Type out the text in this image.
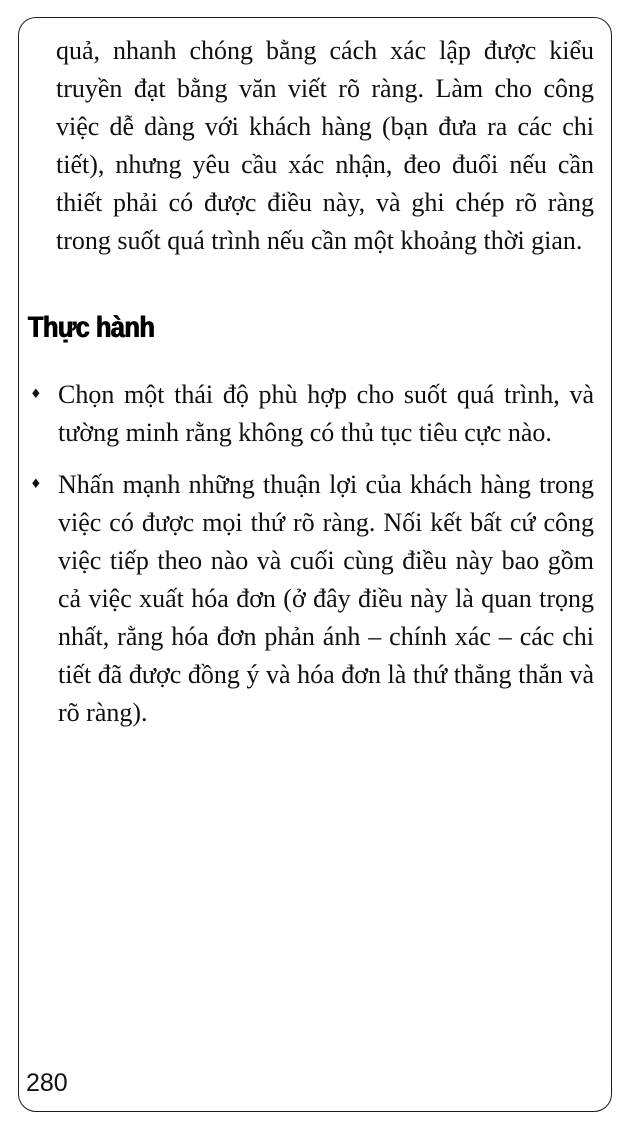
quả, nhanh chóng bằng cách xác lập được kiểu truyền đạt bằng văn viết rõ ràng. Làm cho công việc dễ dàng với khách hàng (bạn đưa ra các chi tiết), nhưng yêu cầu xác nhận, đeo đuổi nếu cần thiết phải có được điều này, và ghi chép rõ ràng trong suốt quá trình nếu cần một khoảng thời gian.

Thực hành
♦ Chọn một thái độ phù hợp cho suốt quá trình, và tường minh rằng không có thủ tục tiêu cực nào.
♦ Nhấn mạnh những thuận lợi của khách hàng trong việc có được mọi thứ rõ ràng. Nối kết bất cứ công việc tiếp theo nào và cuối cùng điều này bao gồm cả việc xuất hóa đơn (ở đây điều này là quan trọng nhất, rằng hóa đơn phản ánh – chính xác – các chi tiết đã được đồng ý và hóa đơn là thứ thẳng thắn và rõ ràng).
280
